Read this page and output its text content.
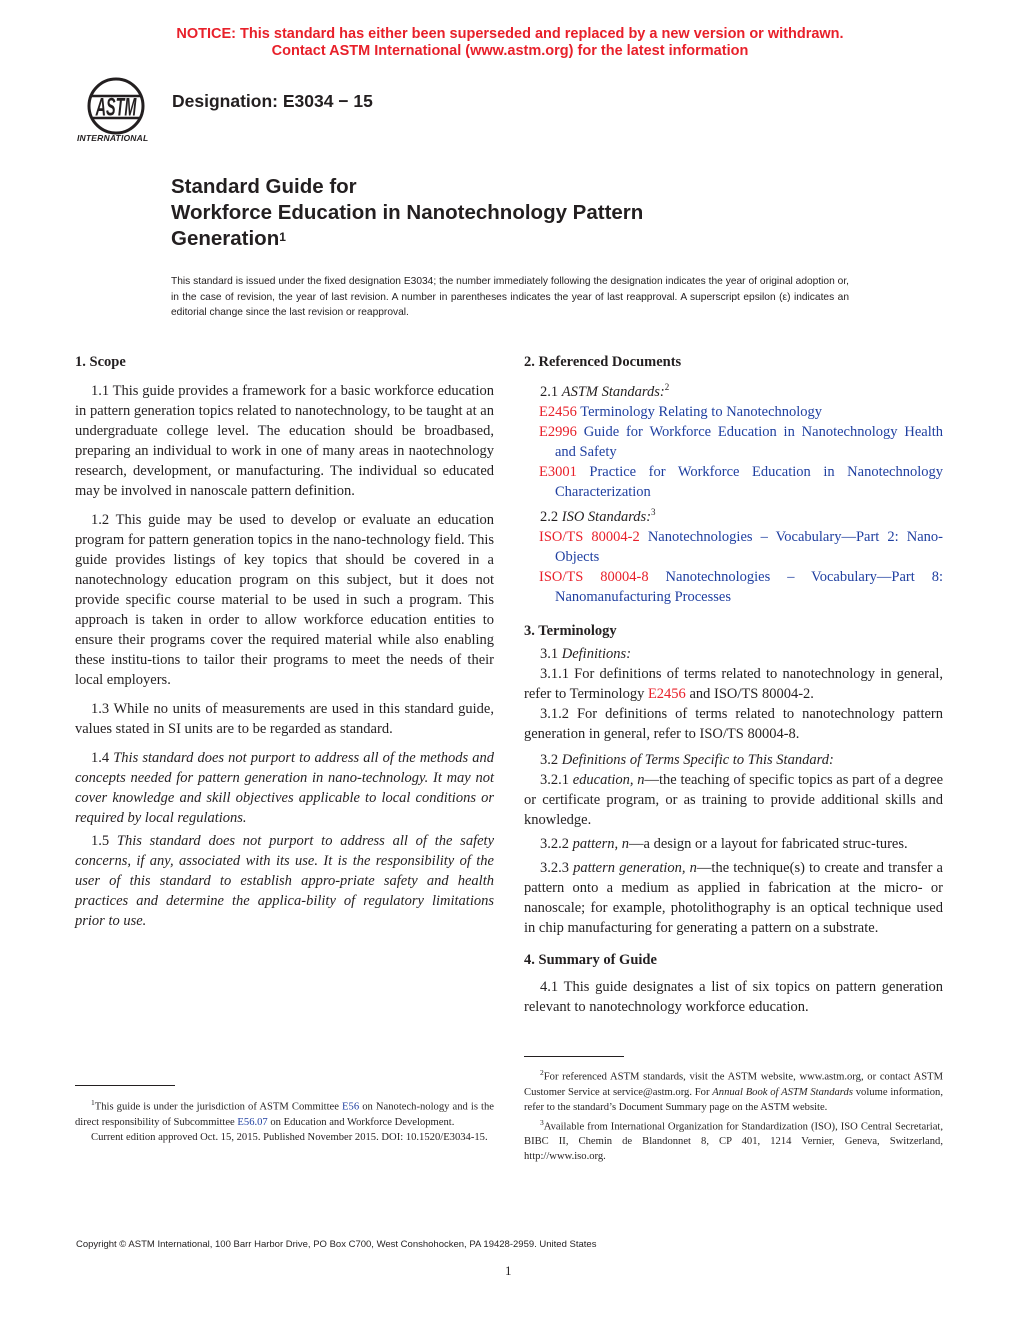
NOTICE: This standard has either been superseded and replaced by a new version or withdrawn.
Contact ASTM International (www.astm.org) for the latest information
ASTM
INTERNATIONAL
Designation: E3034 − 15
Standard Guide for
Workforce Education in Nanotechnology Pattern
Generation$^1$
This standard is issued under the fixed designation E3034; the number immediately following the designation indicates the year of original adoption or, in the case of revision, the year of last revision. A number in parentheses indicates the year of last reapproval. A superscript epsilon (ε) indicates an editorial change since the last revision or reapproval.

1. Scope

1.1 This guide provides a framework for a basic workforce education in pattern generation topics related to nanotechnology, to be taught at an undergraduate college level. The education should be broadbased, preparing an individual to work in one of many areas in naotechnology research, development, or manufacturing. The individual so educated may be involved in nanoscale pattern definition.

1.2 This guide may be used to develop or evaluate an education program for pattern generation topics in the nano-technology field. This guide provides listings of key topics that should be covered in a nanotechnology education program on this subject, but it does not provide specific course material to be used in such a program. This approach is taken in order to allow workforce education entities to ensure their programs cover the required material while also enabling these institu-tions to tailor their programs to meet the needs of their local employers.

1.3 While no units of measurements are used in this standard guide, values stated in SI units are to be regarded as standard.

1.4 This standard does not purport to address all of the methods and concepts needed for pattern generation in nano-technology. It may not cover knowledge and skill objectives applicable to local conditions or required by local regulations.

1.5 This standard does not purport to address all of the safety concerns, if any, associated with its use. It is the responsibility of the user of this standard to establish appro-priate safety and health practices and determine the applica-bility of regulatory limitations prior to use.

2. Referenced Documents

2.1 ASTM Standards:$^2$

E2456 Terminology Relating to Nanotechnology

E2996 Guide for Workforce Education in Nanotechnology Health and Safety

E3001 Practice for Workforce Education in Nanotechnology Characterization

2.2 ISO Standards:$^3$

ISO/TS 80004-2 Nanotechnologies – Vocabulary—Part 2: Nano-Objects

ISO/TS 80004-8 Nanotechnologies – Vocabulary—Part 8: Nanomanufacturing Processes

3. Terminology

3.1 Definitions:

3.1.1 For definitions of terms related to nanotechnology in general, refer to Terminology E2456 and ISO/TS 80004-2.

3.1.2 For definitions of terms related to nanotechnology pattern generation in general, refer to ISO/TS 80004-8.

3.2 Definitions of Terms Specific to This Standard:

3.2.1 education, n—the teaching of specific topics as part of a degree or certificate program, or as training to provide additional skills and knowledge.

3.2.2 pattern, n—a design or a layout for fabricated struc-tures.

3.2.3 pattern generation, n—the technique(s) to create and transfer a pattern onto a medium as applied in fabrication at the micro- or nanoscale; for example, photolithography is an optical technique used in chip manufacturing for generating a pattern on a substrate.

4. Summary of Guide

4.1 This guide designates a list of six topics on pattern generation relevant to nanotechnology workforce education.

$^1$This guide is under the jurisdiction of ASTM Committee E56 on Nanotech-nology and is the direct responsibility of Subcommittee E56.07 on Education and Workforce Development.

Current edition approved Oct. 15, 2015. Published November 2015. DOI: 10.1520/E3034-15.

$^2$For referenced ASTM standards, visit the ASTM website, www.astm.org, or contact ASTM Customer Service at service@astm.org. For Annual Book of ASTM Standards volume information, refer to the standard’s Document Summary page on the ASTM website.

$^3$Available from International Organization for Standardization (ISO), ISO Central Secretariat, BIBC II, Chemin de Blandonnet 8, CP 401, 1214 Vernier, Geneva, Switzerland, http://www.iso.org.

Copyright © ASTM International, 100 Barr Harbor Drive, PO Box C700, West Conshohocken, PA 19428-2959. United States
1
